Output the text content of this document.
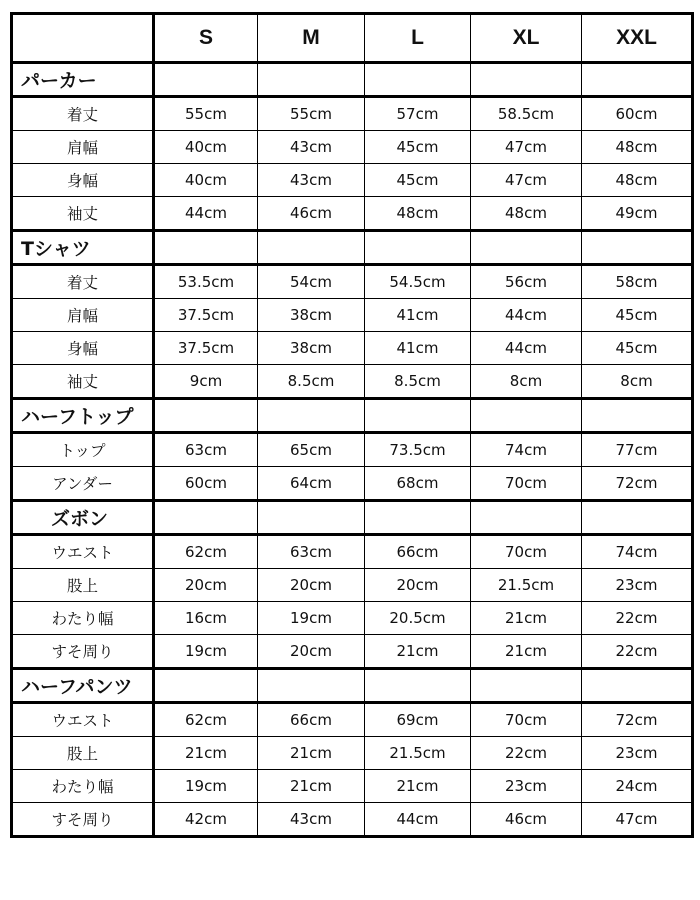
	S	M	L	XL	XXL
パーカー					
着丈	55cm	55cm	57cm	58.5cm	60cm
肩幅	40cm	43cm	45cm	47cm	48cm
身幅	40cm	43cm	45cm	47cm	48cm
袖丈	44cm	46cm	48cm	48cm	49cm
Tシャツ					
着丈	53.5cm	54cm	54.5cm	56cm	58cm
肩幅	37.5cm	38cm	41cm	44cm	45cm
身幅	37.5cm	38cm	41cm	44cm	45cm
袖丈	9cm	8.5cm	8.5cm	8cm	8cm
ハーフトップ					
トップ	63cm	65cm	73.5cm	74cm	77cm
アンダー	60cm	64cm	68cm	70cm	72cm
ズボン					
ウエスト	62cm	63cm	66cm	70cm	74cm
股上	20cm	20cm	20cm	21.5cm	23cm
わたり幅	16cm	19cm	20.5cm	21cm	22cm
すそ周り	19cm	20cm	21cm	21cm	22cm
ハーフパンツ					
ウエスト	62cm	66cm	69cm	70cm	72cm
股上	21cm	21cm	21.5cm	22cm	23cm
わたり幅	19cm	21cm	21cm	23cm	24cm
すそ周り	42cm	43cm	44cm	46cm	47cm
